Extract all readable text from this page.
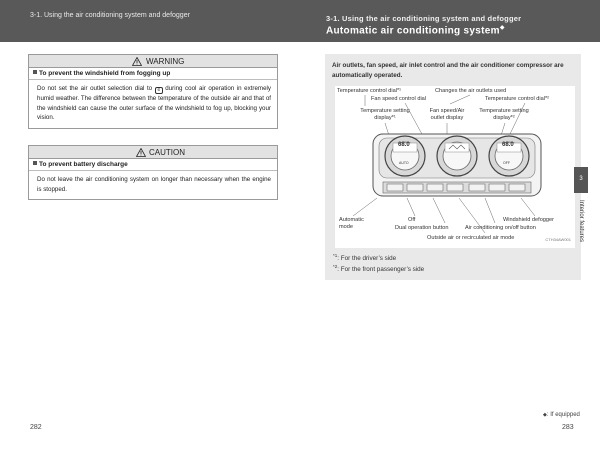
3-1. Using the air conditioning system and defogger
WARNING
To prevent the windshield from fogging up
Do not set the air outlet selection dial to ʬ during cool air operation in extremely humid weather. The difference between the temperature of the outside air and that of the windshield can cause the outer surface of the windshield to fog up, blocking your vision.
CAUTION
To prevent battery discharge
Do not leave the air conditioning system on longer than necessary when the engine is stopped.
282
3-1. Using the air conditioning system and defogger
Automatic air conditioning system◆
Air outlets, fan speed, air inlet control and the air conditioner compressor are automatically operated.
Temperature control dial*¹	Changes the air outlets used
Fan speed control dial	Temperature control dial*²
Temperature setting
display*¹
Fan speed/Air
outlet display
Temperature setting
display*²
68.0	68.0
AUTO	OFF
Automatic
mode
Off	Windshield defogger
Dual operation button	Air conditioning on/off button
Outside air or recirculated air mode	CTH34AW001
$^{*1}$: For the driver’s side
$^{*2}$: For the front passenger’s side
◆: If equipped
283
3
Interior features
